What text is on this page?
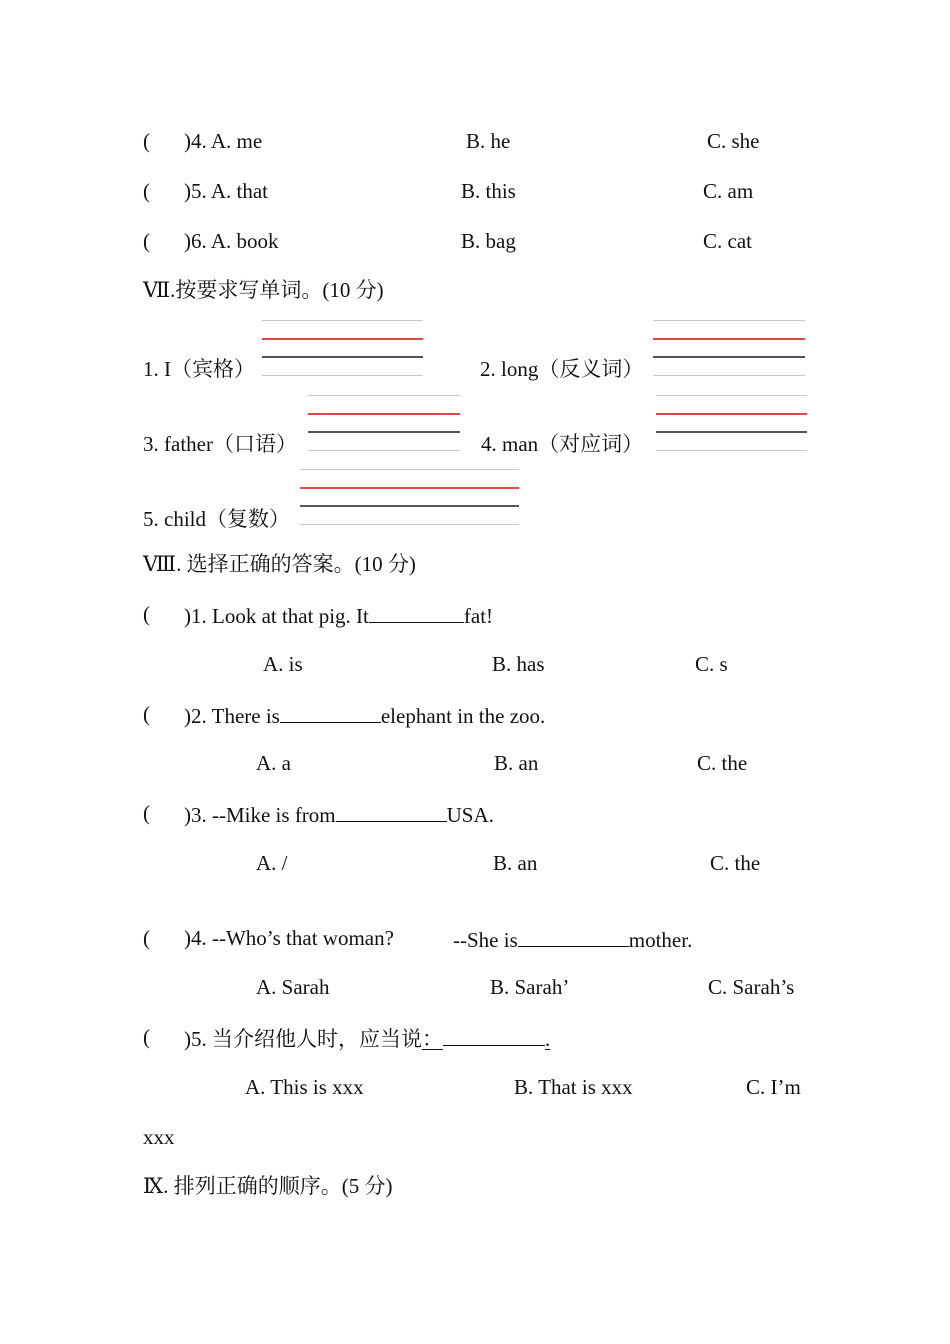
( )4. A. me	B. he	C. she
( )5. A. that	B. this	C. am
( )6. A. book	B. bag	C. cat
Ⅶ.按要求写单词。(10 分)
1. I（宾格）	2. long（反义词）
3. father（口语）	4. man（对应词）
5. child（复数）
Ⅷ. 选择正确的答案。(10 分)
( )1. Look at that pig. It	fat!
A. is	B. has	C. s
( )2. There is	elephant in the zoo.
A. a	B. an	C. the
( )3. --Mike is from	USA.
A. /	B. an	C. the
( )4. --Who’s that woman?	--She is	mother.
A. Sarah	B. Sarah’	C. Sarah’s
( )5. 当介绍他人时，应当说：	.
A. This is xxx	B. That is xxx	C. I’m
xxx
Ⅸ. 排列正确的顺序。(5 分)
